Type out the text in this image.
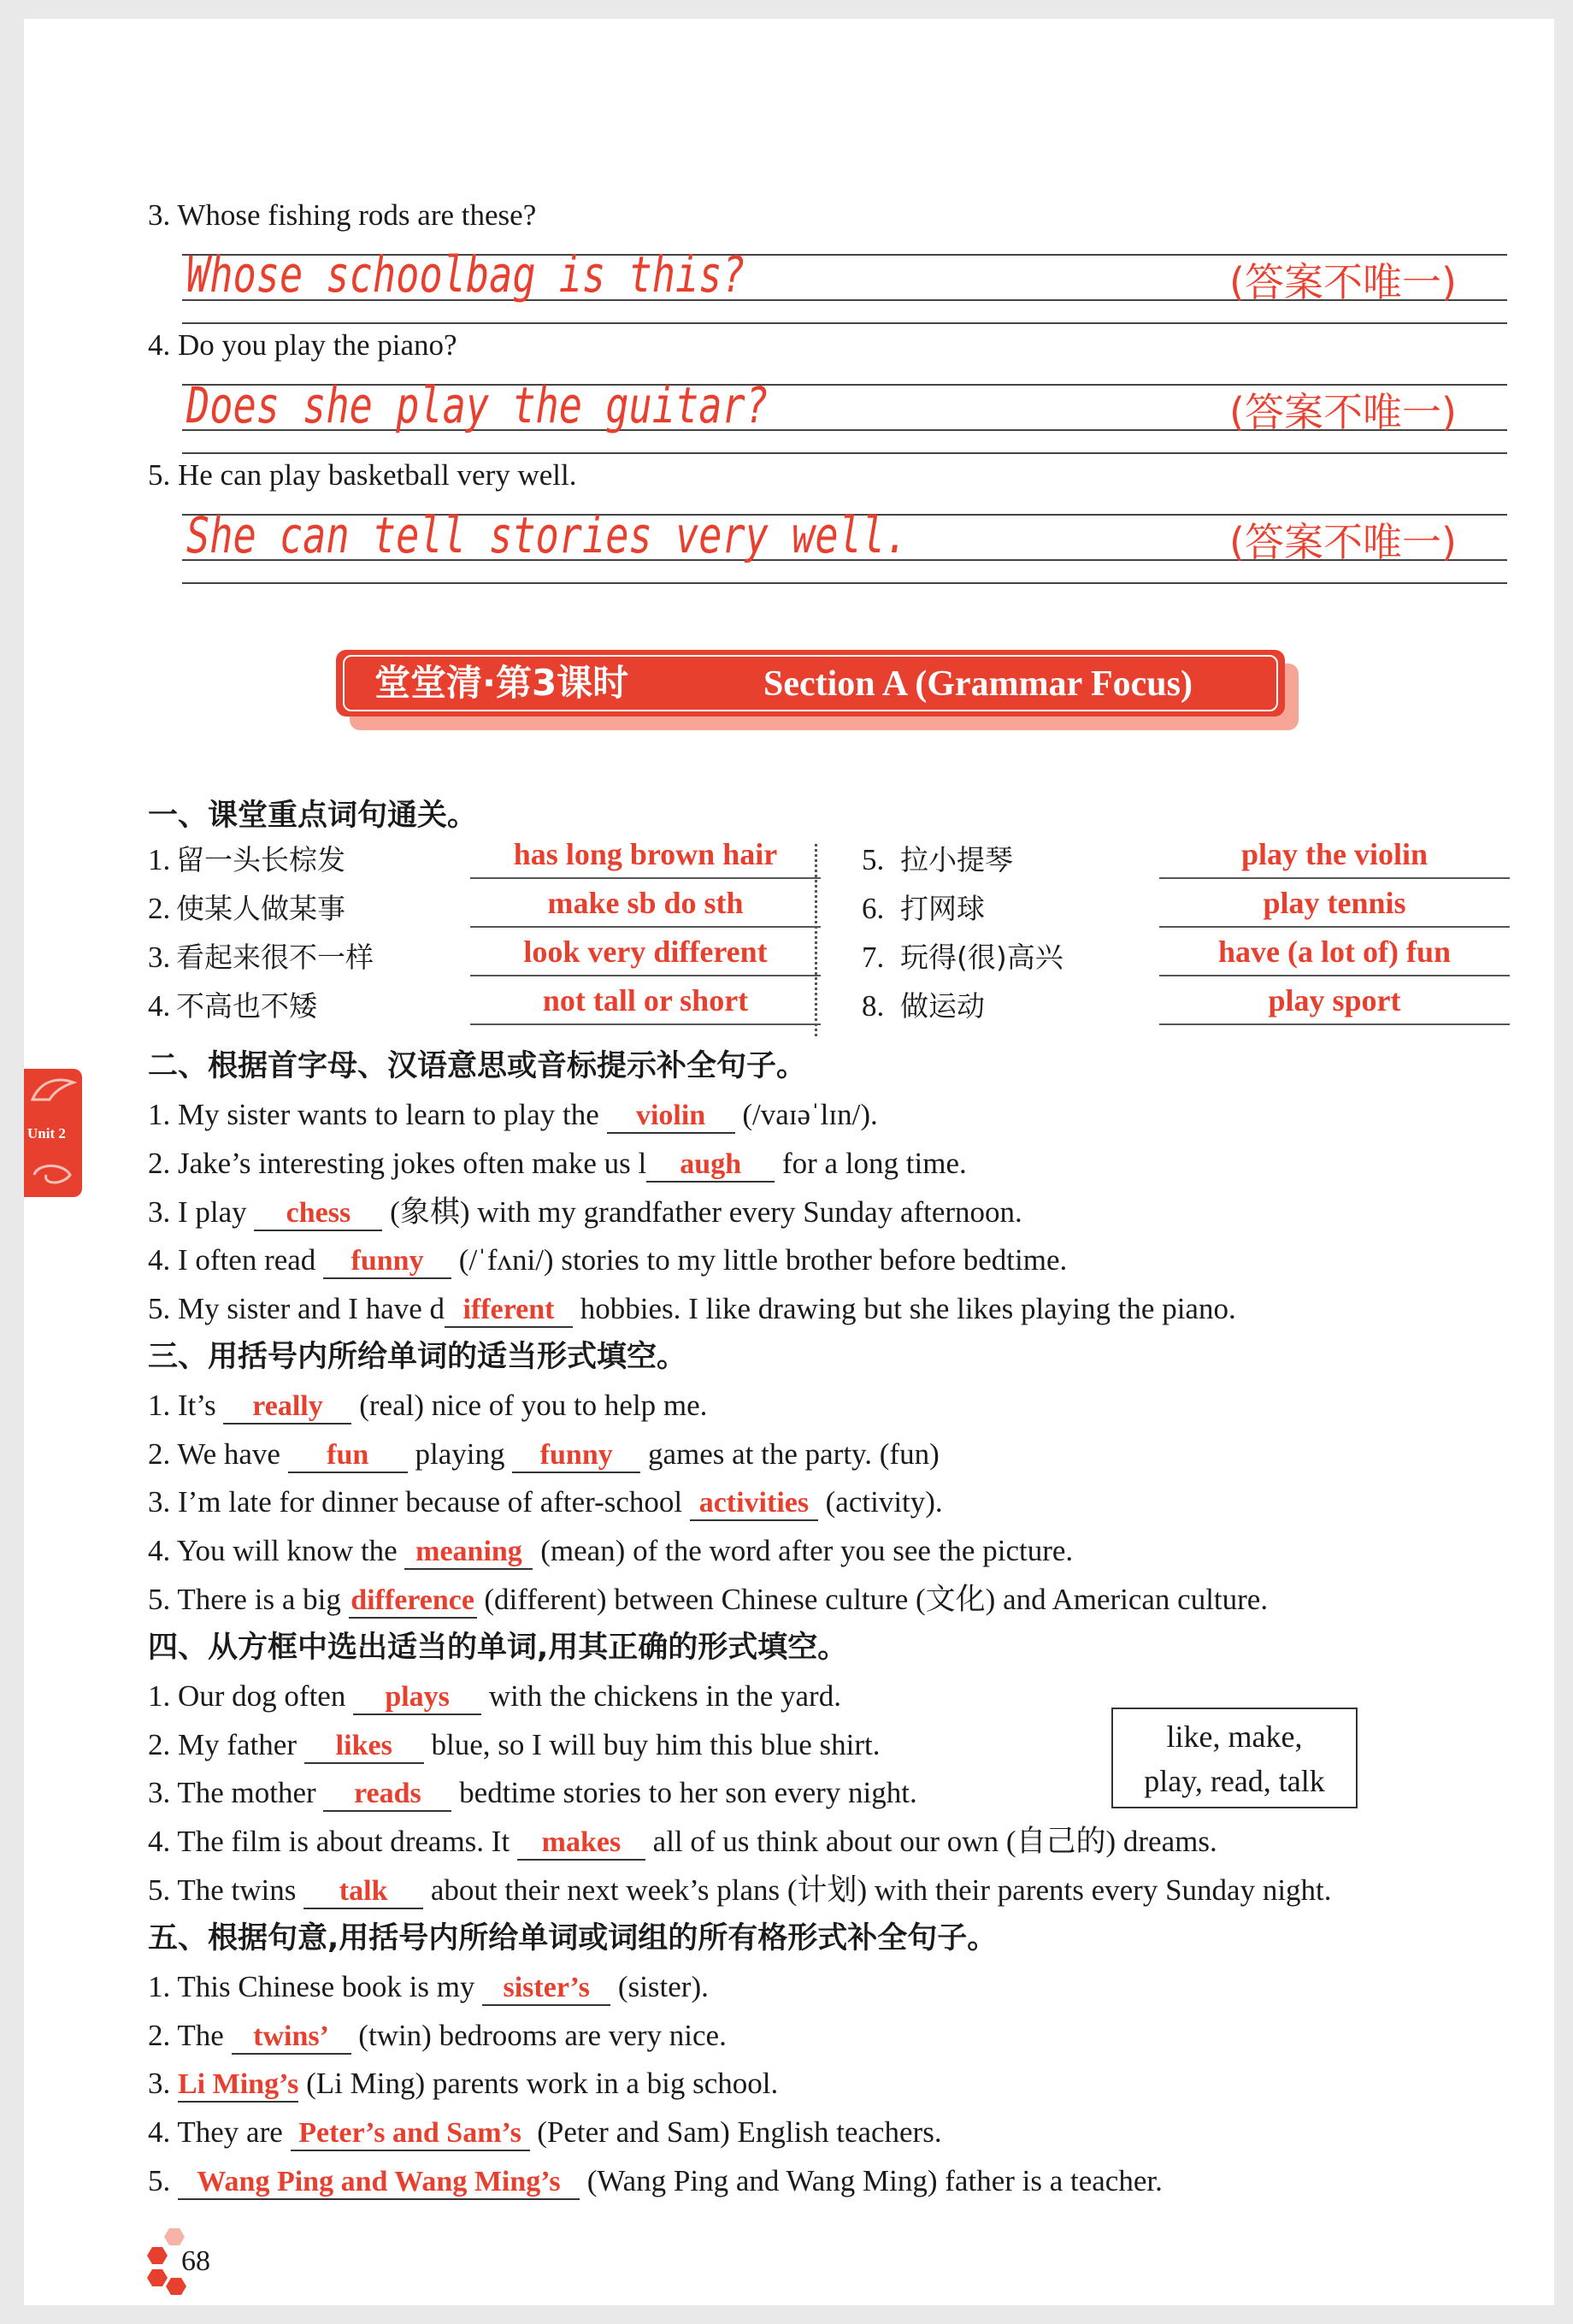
3. Whose fishing rods are these?
Whose schoolbag is this?	(答案不唯一)
4. Do you play the piano?
Does she play the guitar?	(答案不唯一)
5. He can play basketball very well.
She can tell stories very well.	(答案不唯一)
堂堂清·第3课时	Section A (Grammar Focus)
Unit 2
一、课堂重点词句通关。
1. 留一头长棕发	has long brown hair
2. 使某人做某事	make sb do sth
3. 看起来很不一样	look very different
4. 不高也不矮	not tall or short
5. 拉小提琴	play the violin
6. 打网球	play tennis
7. 玩得(很)高兴	have (a lot of) fun
8. 做运动	play sport
二、根据首字母、汉语意思或音标提示补全句子。
1. My sister wants to learn to play the violin (/vaɪəˈlɪn/).
2. Jake’s interesting jokes often make us l augh for a long time.
3. I play chess (象棋) with my grandfather every Sunday afternoon.
4. I often read funny (/ˈfʌni/) stories to my little brother before bedtime.
5. My sister and I have d ifferent hobbies. I like drawing but she likes playing the piano.
三、用括号内所给单词的适当形式填空。
1. It’s really (real) nice of you to help me.
2. We have fun playing funny games at the party. (fun)
3. I’m late for dinner because of after-school activities (activity).
4. You will know the meaning (mean) of the word after you see the picture.
5. There is a big difference (different) between Chinese culture (文化) and American culture.
四、从方框中选出适当的单词,用其正确的形式填空。
1. Our dog often plays with the chickens in the yard.
2. My father likes blue, so I will buy him this blue shirt.
3. The mother reads bedtime stories to her son every night.
4. The film is about dreams. It makes all of us think about our own (自己的) dreams.
5. The twins talk about their next week’s plans (计划) with their parents every Sunday night.
like, make,
play, read, talk
五、根据句意,用括号内所给单词或词组的所有格形式补全句子。
1. This Chinese book is my sister’s (sister).
2. The twins’ (twin) bedrooms are very nice.
3. Li Ming’s (Li Ming) parents work in a big school.
4. They are Peter’s and Sam’s (Peter and Sam) English teachers.
5. Wang Ping and Wang Ming’s (Wang Ping and Wang Ming) father is a teacher.
68
